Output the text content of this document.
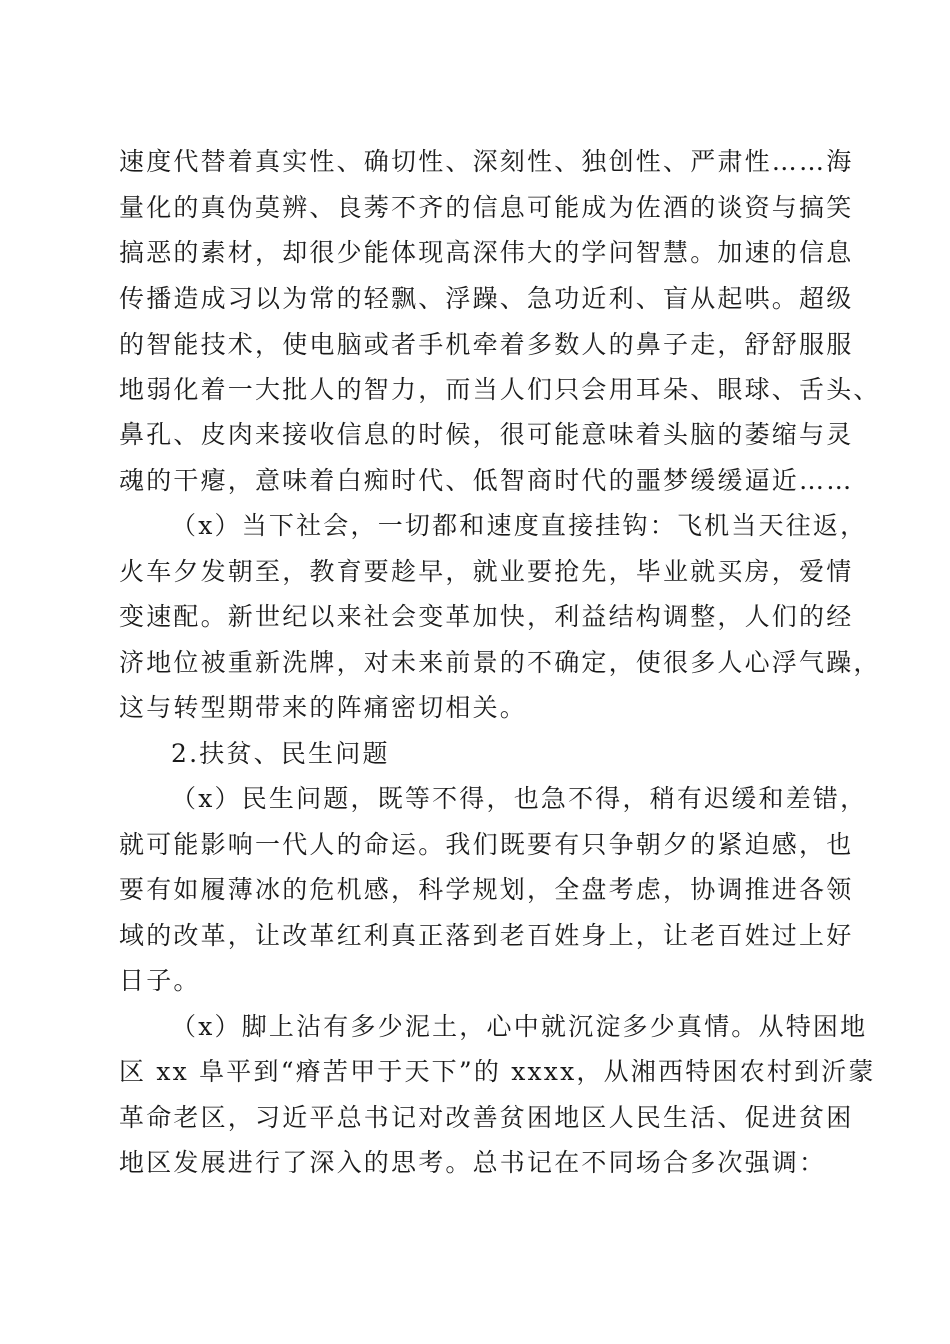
速度代替着真实性、确切性、深刻性、独创性、严肃性……海
量化的真伪莫辨、良莠不齐的信息可能成为佐酒的谈资与搞笑
搞恶的素材，却很少能体现高深伟大的学问智慧。加速的信息
传播造成习以为常的轻飘、浮躁、急功近利、盲从起哄。超级
的智能技术，使电脑或者手机牵着多数人的鼻子走，舒舒服服
地弱化着一大批人的智力，而当人们只会用耳朵、眼球、舌头、
鼻孔、皮肉来接收信息的时候，很可能意味着头脑的萎缩与灵
魂的干瘪，意味着白痴时代、低智商时代的噩梦缓缓逼近……
（x）当下社会，一切都和速度直接挂钩：飞机当天往返，
火车夕发朝至，教育要趁早，就业要抢先，毕业就买房，爱情
变速配。新世纪以来社会变革加快，利益结构调整，人们的经
济地位被重新洗牌，对未来前景的不确定，使很多人心浮气躁，
这与转型期带来的阵痛密切相关。
2.扶贫、民生问题
（x）民生问题，既等不得，也急不得，稍有迟缓和差错，
就可能影响一代人的命运。我们既要有只争朝夕的紧迫感，也
要有如履薄冰的危机感，科学规划，全盘考虑，协调推进各领
域的改革，让改革红利真正落到老百姓身上，让老百姓过上好
日子。
（x）脚上沾有多少泥土，心中就沉淀多少真情。从特困地
区 xx 阜平到“瘠苦甲于天下”的 xxxx，从湘西特困农村到沂蒙
革命老区，习近平总书记对改善贫困地区人民生活、促进贫困
地区发展进行了深入的思考。总书记在不同场合多次强调：
